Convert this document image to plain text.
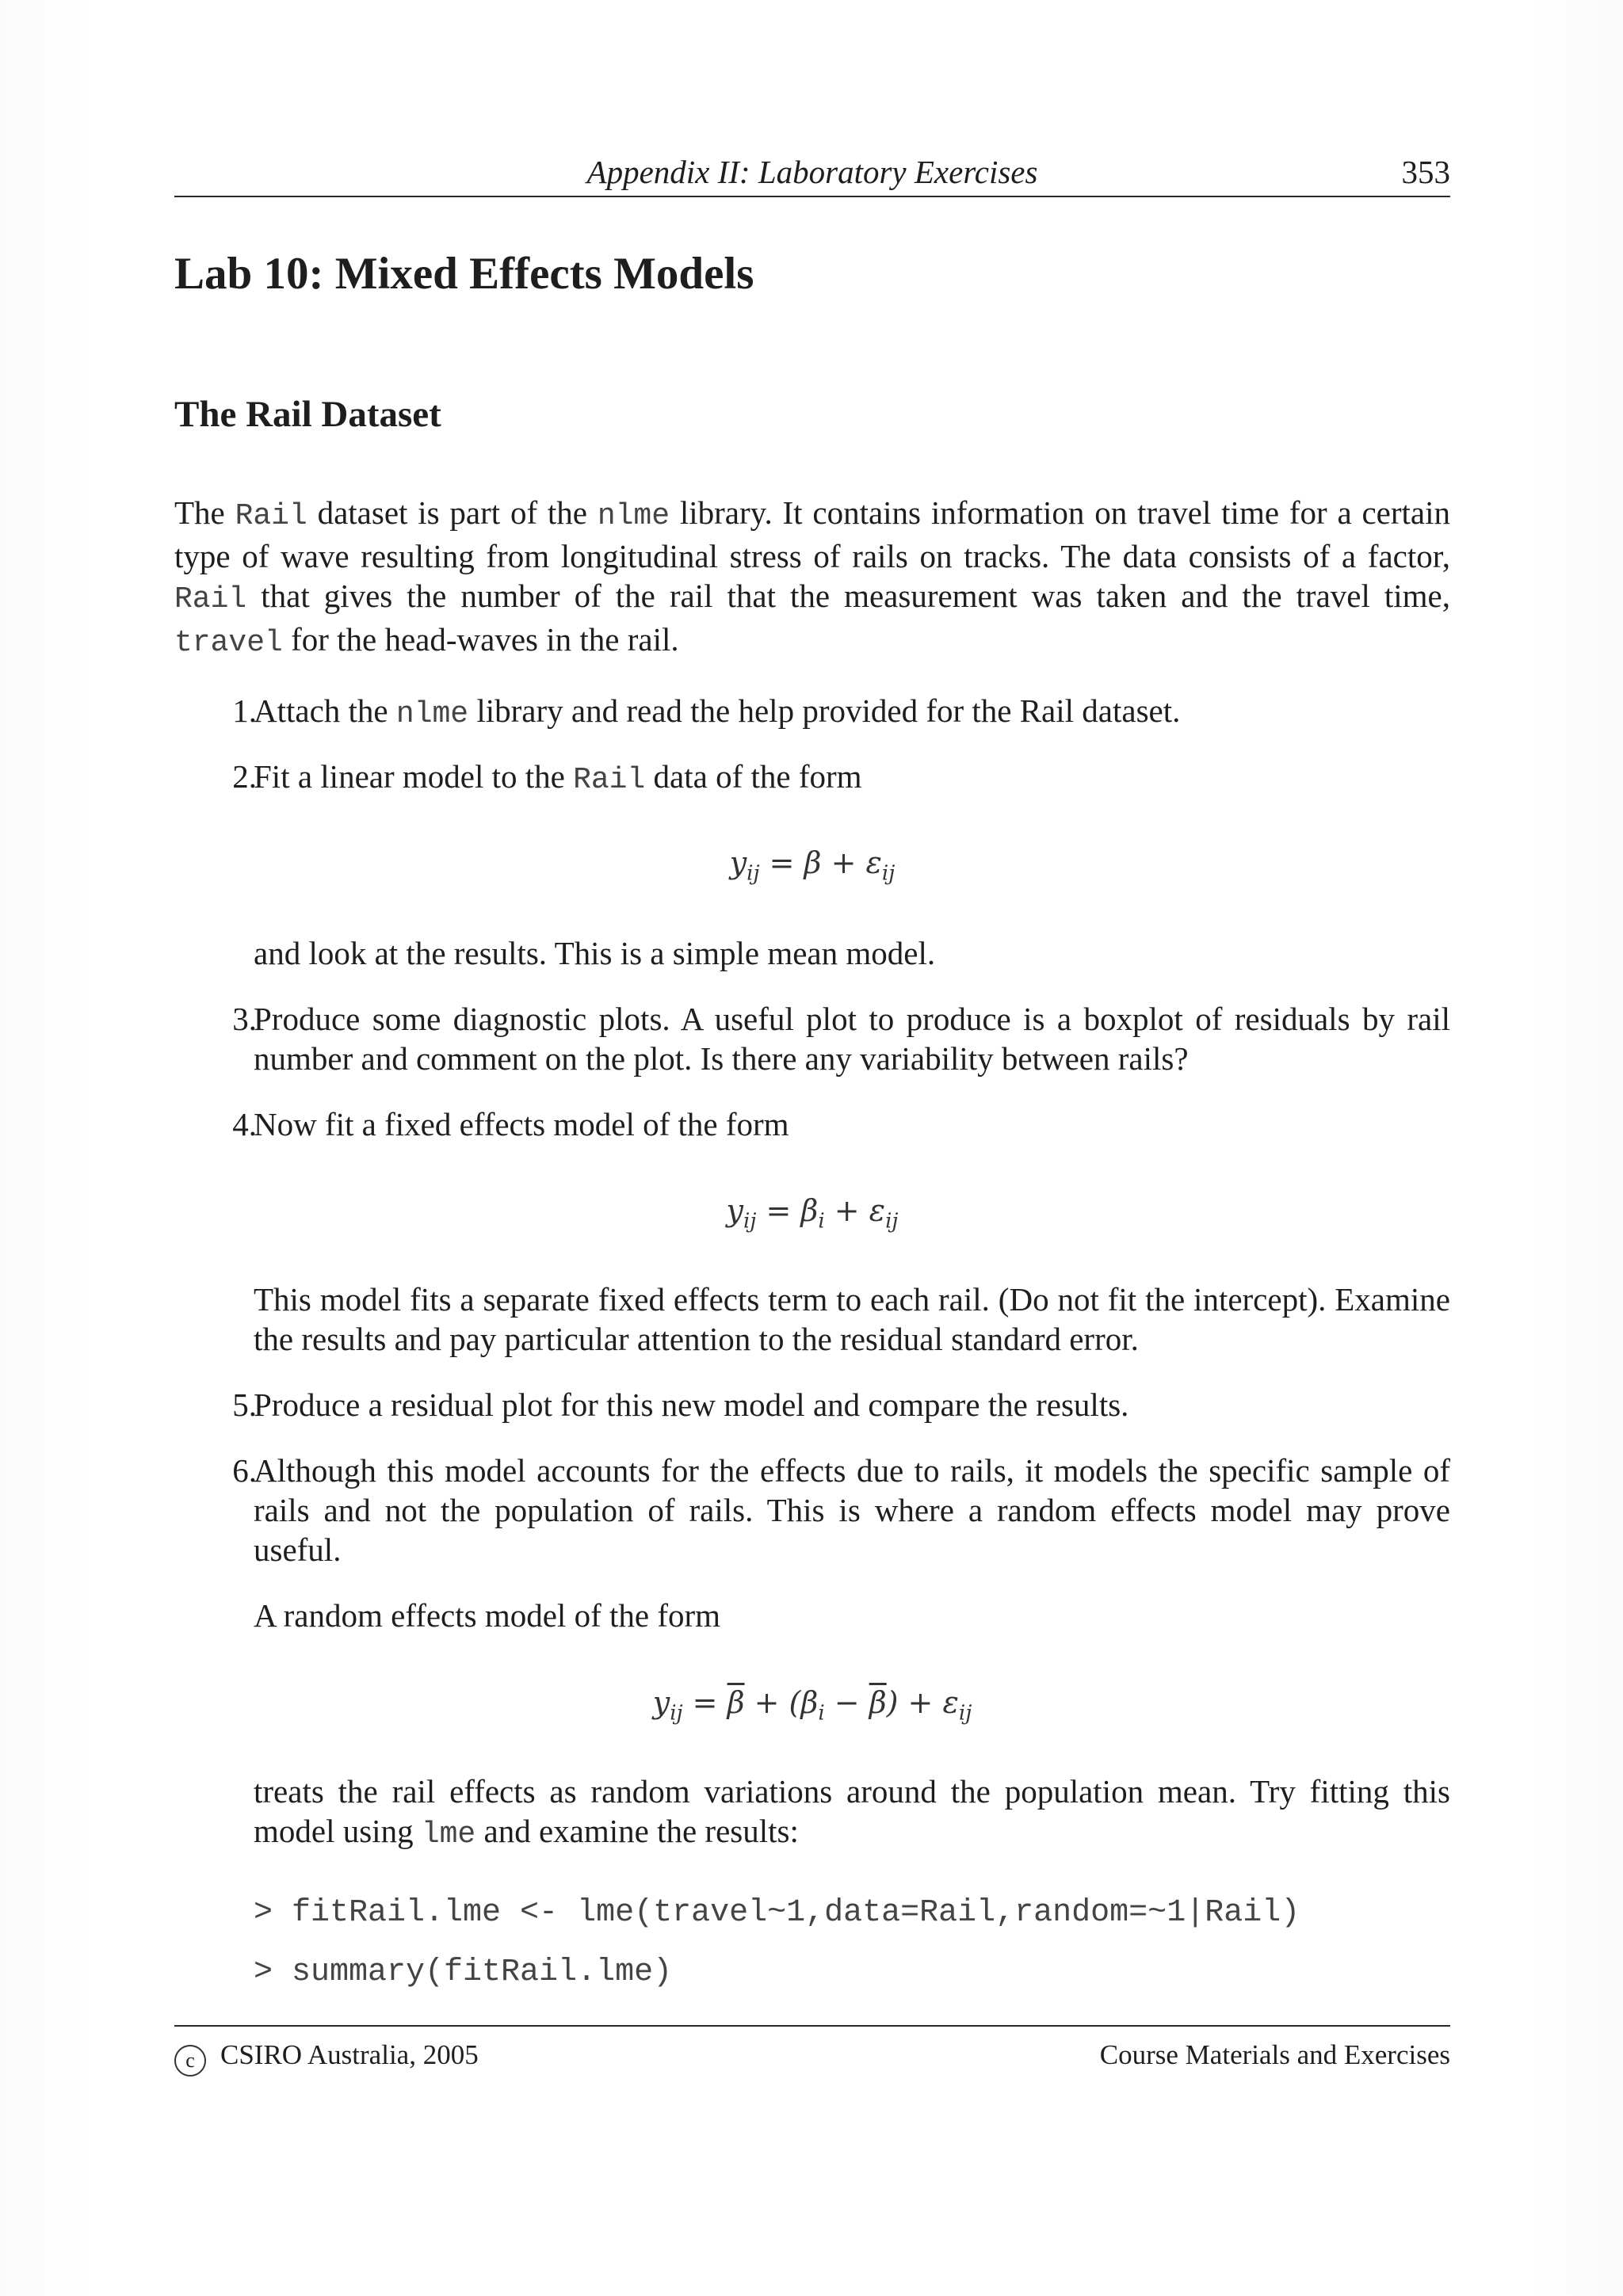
Appendix II: Laboratory Exercises	353
Lab 10: Mixed Effects Models
The Rail Dataset

The Rail dataset is part of the nlme library. It contains information on travel time for a certain type of wave resulting from longitudinal stress of rails on tracks. The data consists of a factor, Rail that gives the number of the rail that the measurement was taken and the travel time, travel for the head-waves in the rail.

1.

Attach the nlme library and read the help provided for the Rail dataset.

2.

Fit a linear model to the Rail data of the form

$y_{ij} = \beta + \varepsilon_{ij}$

and look at the results. This is a simple mean model.

3.

Produce some diagnostic plots. A useful plot to produce is a boxplot of residuals by rail number and comment on the plot. Is there any variability between rails?

4.

Now fit a fixed effects model of the form

$y_{ij} = \beta_i + \varepsilon_{ij}$

This model fits a separate fixed effects term to each rail. (Do not fit the intercept). Examine the results and pay particular attention to the residual standard error.

5.

Produce a residual plot for this new model and compare the results.

6.

Although this model accounts for the effects due to rails, it models the specific sample of rails and not the population of rails. This is where a random effects model may prove useful.

A random effects model of the form

$y_{ij} = \overline{\beta} + (\beta_i - \overline{\beta}) + \varepsilon_{ij}$

treats the rail effects as random variations around the population mean. Try fitting this model using lme and examine the results:

> fitRail.lme <- lme(travel~1,data=Rail,random=~1|Rail)
> summary(fitRail.lme)
c CSIRO Australia, 2005	Course Materials and Exercises
